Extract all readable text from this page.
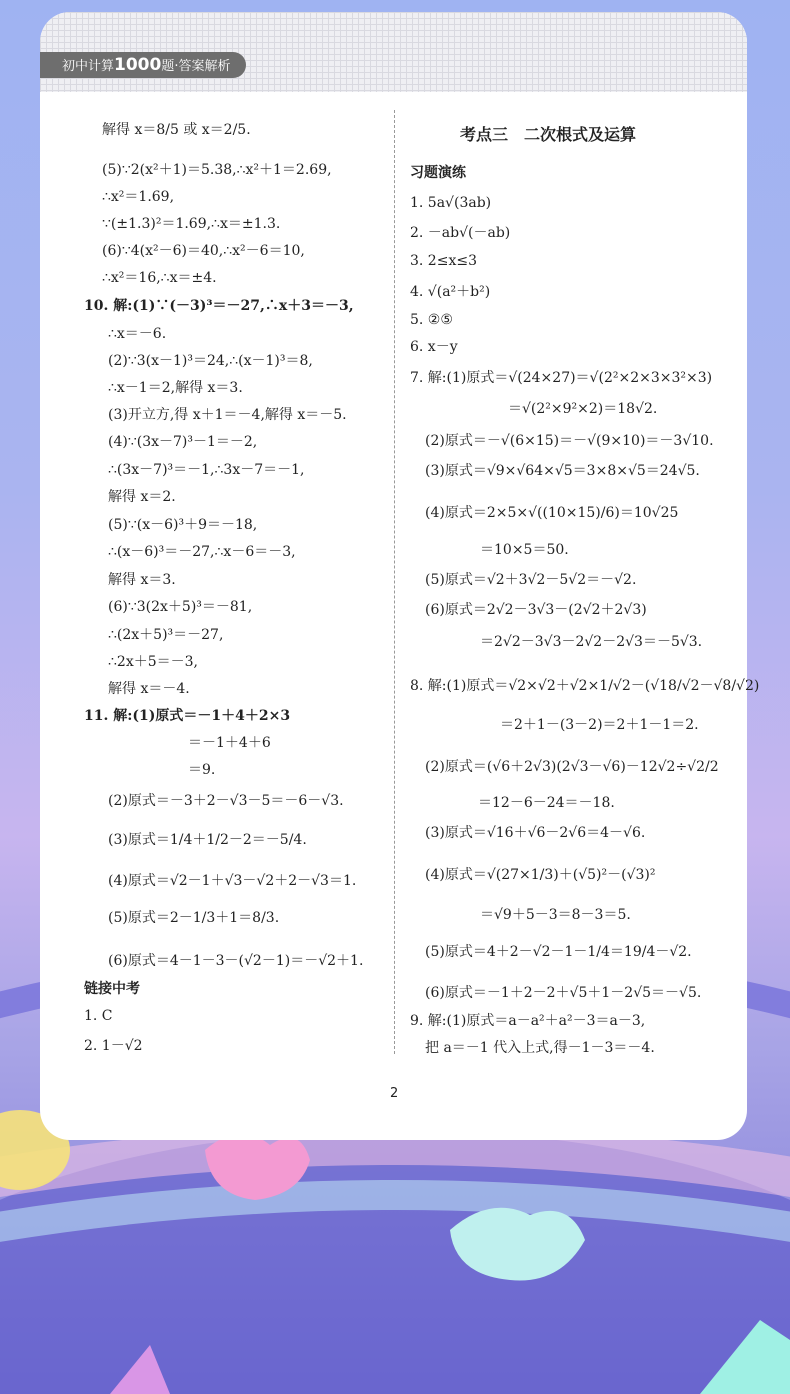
初中计算1000题·答案解析
解得 x＝8/5 或 x＝2/5.
(5)∵2(x²＋1)＝5.38,∴x²＋1＝2.69,
∴x²＝1.69,
∵(±1.3)²＝1.69,∴x＝±1.3.
(6)∵4(x²－6)＝40,∴x²－6＝10,
∴x²＝16,∴x＝±4.
10. 解:(1)∵(－3)³＝－27,∴x＋3＝－3,
∴x＝－6.
(2)∵3(x－1)³＝24,∴(x－1)³＝8,
∴x－1＝2,解得 x＝3.
(3)开立方,得 x＋1＝－4,解得 x＝－5.
(4)∵(3x－7)³－1＝－2,
∴(3x－7)³＝－1,∴3x－7＝－1,
解得 x＝2.
(5)∵(x－6)³＋9＝－18,
∴(x－6)³＝－27,∴x－6＝－3,
解得 x＝3.
(6)∵3(2x＋5)³＝－81,
∴(2x＋5)³＝－27,
∴2x＋5＝－3,
解得 x＝－4.
11. 解:(1)原式＝－1＋4＋2×3
＝－1＋4＋6
＝9.
(2)原式＝－3＋2－√3－5＝－6－√3.
(3)原式＝1/4＋1/2－2＝－5/4.
(4)原式＝√2－1＋√3－√2＋2－√3＝1.
(5)原式＝2－1/3＋1＝8/3.
(6)原式＝4－1－3－(√2－1)＝－√2＋1.
链接中考
1. C
2. 1－√2
考点三　二次根式及运算
习题演练
1. 5a√(3ab)
2. －ab√(－ab)
3. 2≤x≤3
4. √(a²＋b²)
5. ②⑤
6. x－y
7. 解:(1)原式＝√(24×27)＝√(2²×2×3×3²×3)
＝√(2²×9²×2)＝18√2.
(2)原式＝－√(6×15)＝－√(9×10)＝－3√10.
(3)原式＝√9×√64×√5＝3×8×√5＝24√5.
(4)原式＝2×5×√((10×15)/6)＝10√25
＝10×5＝50.
(5)原式＝√2＋3√2－5√2＝－√2.
(6)原式＝2√2－3√3－(2√2＋2√3)
＝2√2－3√3－2√2－2√3＝－5√3.
8. 解:(1)原式＝√2×√2＋√2×1/√2－(√18/√2－√8/√2)
＝2＋1－(3－2)＝2＋1－1＝2.
(2)原式＝(√6＋2√3)(2√3－√6)－12√2÷√2/2
＝12－6－24＝－18.
(3)原式＝√16＋√6－2√6＝4－√6.
(4)原式＝√(27×1/3)＋(√5)²－(√3)²
＝√9＋5－3＝8－3＝5.
(5)原式＝4＋2－√2－1－1/4＝19/4－√2.
(6)原式＝－1＋2－2＋√5＋1－2√5＝－√5.
9. 解:(1)原式＝a－a²＋a²－3＝a－3,
把 a＝－1 代入上式,得－1－3＝－4.
2
